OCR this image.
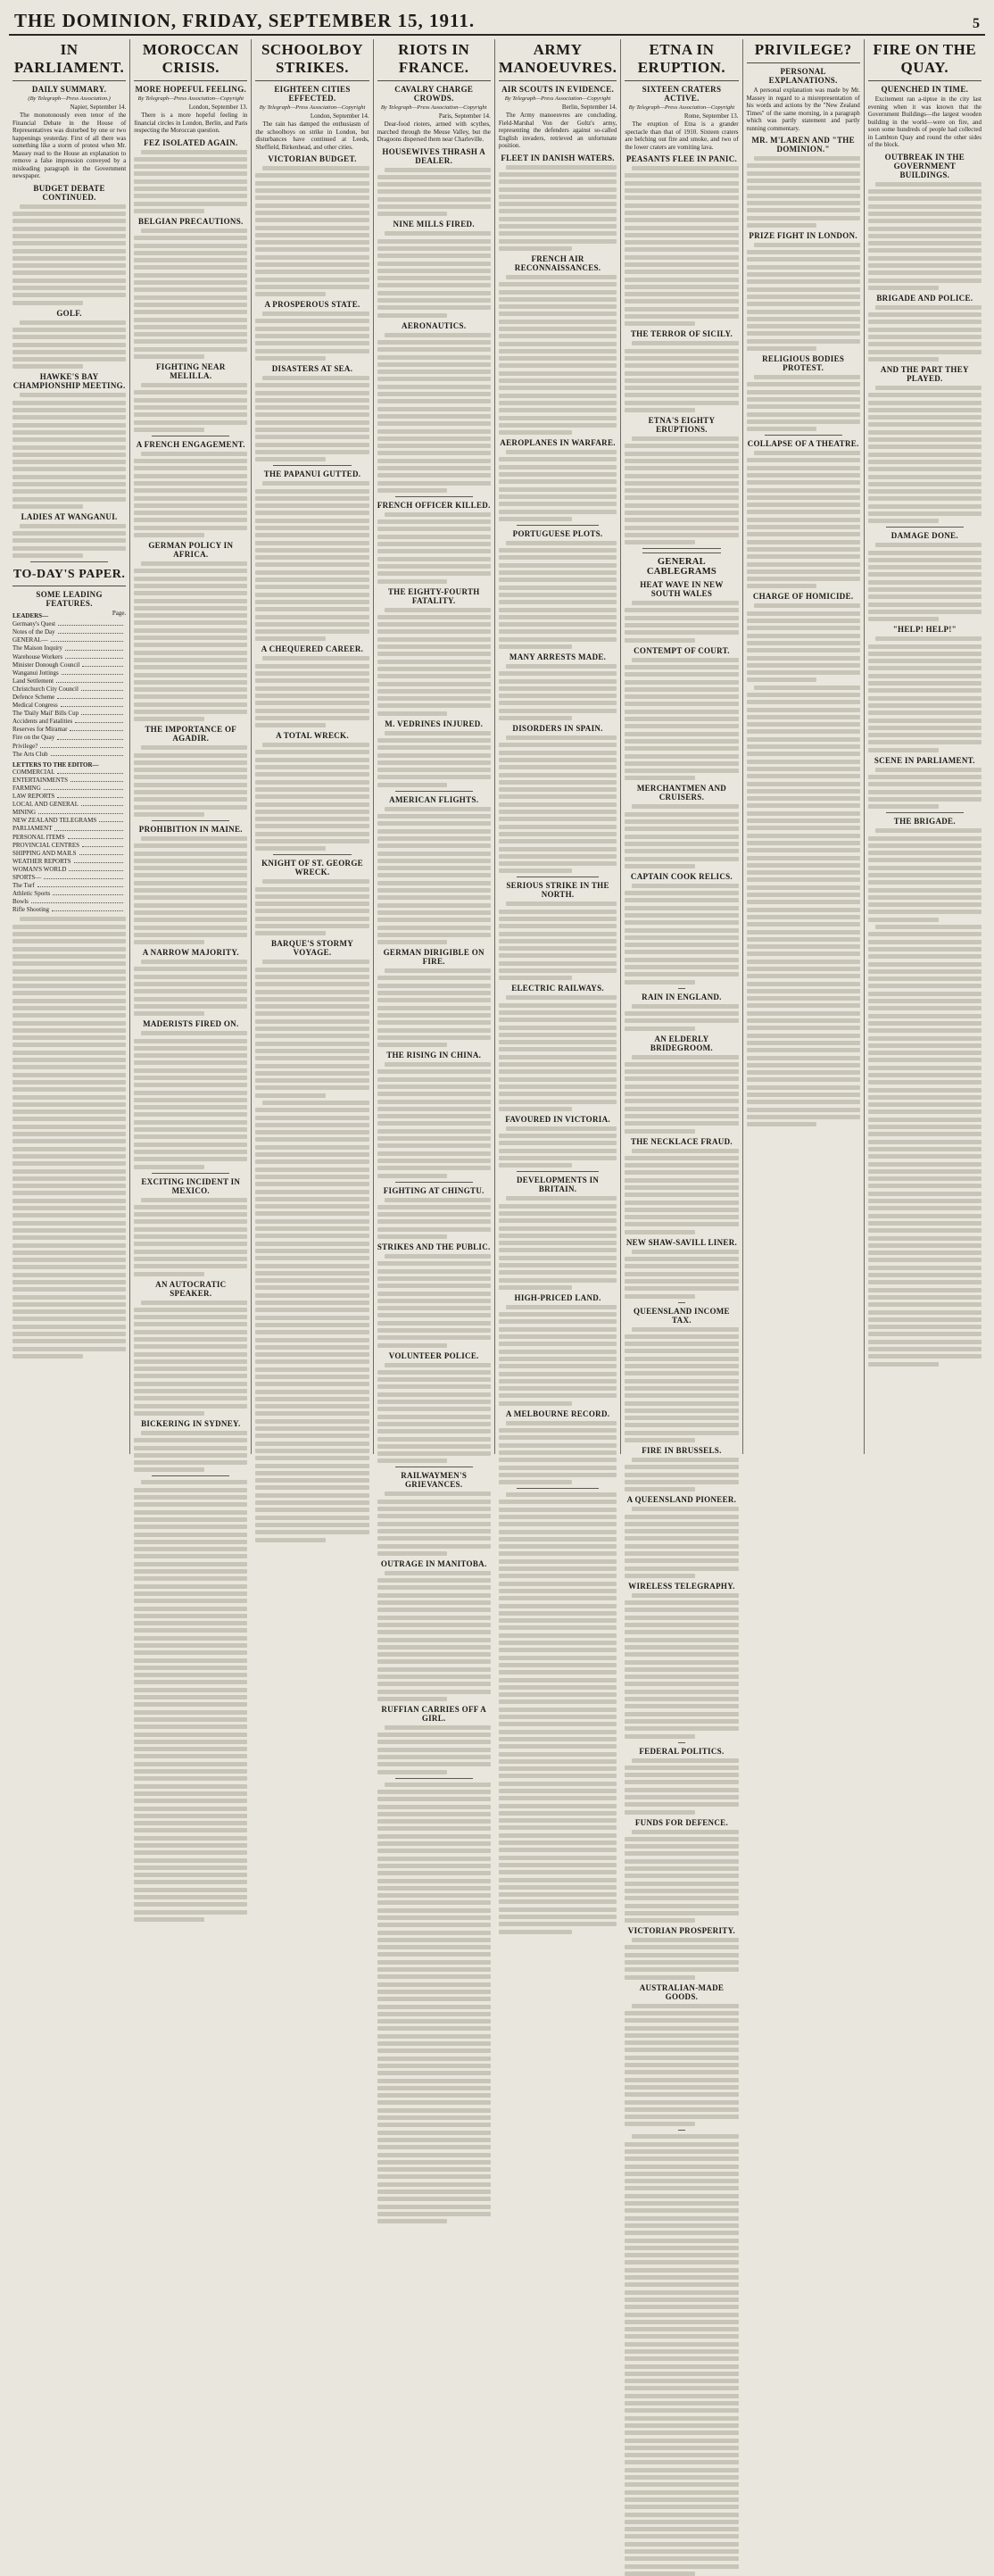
THE DOMINION, FRIDAY, SEPTEMBER 15, 1911.	5
IN PARLIAMENT.
DAILY SUMMARY.
(By Telegraph—Press Association.)
Napier, September 14.
The monotonously even tenor of the Financial Debate in the House of Representatives was disturbed by one or two happenings yesterday. First of all there was something like a storm of protest when Mr. Massey read to the House an explanation to remove a false impression conveyed by a misleading paragraph in the Government newspaper.
BUDGET DEBATE CONTINUED.
GOLF.
HAWKE'S BAY CHAMPIONSHIP MEETING.
LADIES AT WANGANUI.
TO-DAY'S PAPER.
SOME LEADING FEATURES.
LEADERS—	Page.
Germany's Quest
Notes of the Day
GENERAL—
The Maison Inquiry
Warehouse Workers
Minister Donough Council
Wanganui Jottings
Land Settlement
Christchurch City Council
Defence Scheme
Medical Congress
The 'Daily Mail' Bills Cup
Accidents and Fatalities
Reserves for Miramar
Fire on the Quay
Privilege?
The Arts Club
LETTERS TO THE EDITOR—
COMMERCIAL
ENTERTAINMENTS
FARMING
LAW REPORTS
LOCAL AND GENERAL
MINING
NEW ZEALAND TELEGRAMS
PARLIAMENT
PERSONAL ITEMS
PROVINCIAL CENTRES
SHIPPING AND MAILS
WEATHER REPORTS
WOMAN'S WORLD
SPORTS—
The Turf
Athletic Sports
Bowls
Rifle Shooting
MOROCCAN CRISIS.
MORE HOPEFUL FEELING.
By Telegraph—Press Association—Copyright
London, September 13.
There is a more hopeful feeling in financial circles in London, Berlin, and Paris respecting the Moroccan question.
FEZ ISOLATED AGAIN.
BELGIAN PRECAUTIONS.
FIGHTING NEAR MELILLA.
A FRENCH ENGAGEMENT.
GERMAN POLICY IN AFRICA.
THE IMPORTANCE OF AGADIR.
PROHIBITION IN MAINE.
A NARROW MAJORITY.
MADERISTS FIRED ON.
EXCITING INCIDENT IN MEXICO.
AN AUTOCRATIC SPEAKER.
BICKERING IN SYDNEY.
SCHOOLBOY STRIKES.
EIGHTEEN CITIES EFFECTED.
By Telegraph—Press Association—Copyright
London, September 14.
The rain has damped the enthusiasm of the schoolboys on strike in London, but disturbances have continued at Leeds, Sheffield, Birkenhead, and other cities.
VICTORIAN BUDGET.
A PROSPEROUS STATE.
DISASTERS AT SEA.
THE PAPANUI GUTTED.
A CHEQUERED CAREER.
A TOTAL WRECK.
KNIGHT OF ST. GEORGE WRECK.
BARQUE'S STORMY VOYAGE.
RIOTS IN FRANCE.
CAVALRY CHARGE CROWDS.
By Telegraph—Press Association—Copyright
Paris, September 14.
Dear-food rioters, armed with scythes, marched through the Meuse Valley, but the Dragoons dispersed them near Charleville.
HOUSEWIVES THRASH A DEALER.
NINE MILLS FIRED.
AERONAUTICS.
FRENCH OFFICER KILLED.
THE EIGHTY-FOURTH FATALITY.
M. VEDRINES INJURED.
AMERICAN FLIGHTS.
GERMAN DIRIGIBLE ON FIRE.
THE RISING IN CHINA.
FIGHTING AT CHINGTU.
STRIKES AND THE PUBLIC.
VOLUNTEER POLICE.
RAILWAYMEN'S GRIEVANCES.
OUTRAGE IN MANITOBA.
RUFFIAN CARRIES OFF A GIRL.
ARMY MANOEUVRES.
AIR SCOUTS IN EVIDENCE.
By Telegraph—Press Association—Copyright
Berlin, September 14.
The Army manoeuvres are concluding. Field-Marshal Von der Goltz's army, representing the defenders against so-called English invaders, retrieved an unfortunate position.
FLEET IN DANISH WATERS.
FRENCH AIR RECONNAISSANCES.
AEROPLANES IN WARFARE.
PORTUGUESE PLOTS.
MANY ARRESTS MADE.
DISORDERS IN SPAIN.
SERIOUS STRIKE IN THE NORTH.
ELECTRIC RAILWAYS.
FAVOURED IN VICTORIA.
DEVELOPMENTS IN BRITAIN.
HIGH-PRICED LAND.
A MELBOURNE RECORD.
ETNA IN ERUPTION.
SIXTEEN CRATERS ACTIVE.
By Telegraph—Press Association—Copyright
Rome, September 13.
The eruption of Etna is a grander spectacle than that of 1910. Sixteen craters are belching out fire and smoke, and two of the lower craters are vomiting lava.
PEASANTS FLEE IN PANIC.
THE TERROR OF SICILY.
ETNA'S EIGHTY ERUPTIONS.
GENERAL CABLEGRAMS
HEAT WAVE IN NEW SOUTH WALES
CONTEMPT OF COURT.
MERCHANTMEN AND CRUISERS.
CAPTAIN COOK RELICS.
RAIN IN ENGLAND.
AN ELDERLY BRIDEGROOM.
THE NECKLACE FRAUD.
NEW SHAW-SAVILL LINER.
QUEENSLAND INCOME TAX.
FIRE IN BRUSSELS.
A QUEENSLAND PIONEER.
WIRELESS TELEGRAPHY.
FEDERAL POLITICS.
FUNDS FOR DEFENCE.
VICTORIAN PROSPERITY.
AUSTRALIAN-MADE GOODS.
PRIVILEGE?
PERSONAL EXPLANATIONS.
A personal explanation was made by Mr. Massey in regard to a misrepresentation of his words and actions by the "New Zealand Times" of the same morning, in a paragraph which was partly statement and partly running commentary.
MR. M'LAREN AND "THE DOMINION."
PRIZE FIGHT IN LONDON.
RELIGIOUS BODIES PROTEST.
COLLAPSE OF A THEATRE.
CHARGE OF HOMICIDE.
FIRE ON THE QUAY.
QUENCHED IN TIME.
Excitement ran a-tiptoe in the city last evening when it was known that the Government Buildings—the largest wooden building in the world—were on fire, and soon some hundreds of people had collected in Lambton Quay and round the other sides of the block.
OUTBREAK IN THE GOVERNMENT BUILDINGS.
BRIGADE AND POLICE.
AND THE PART THEY PLAYED.
DAMAGE DONE.
"HELP! HELP!"
SCENE IN PARLIAMENT.
THE BRIGADE.
